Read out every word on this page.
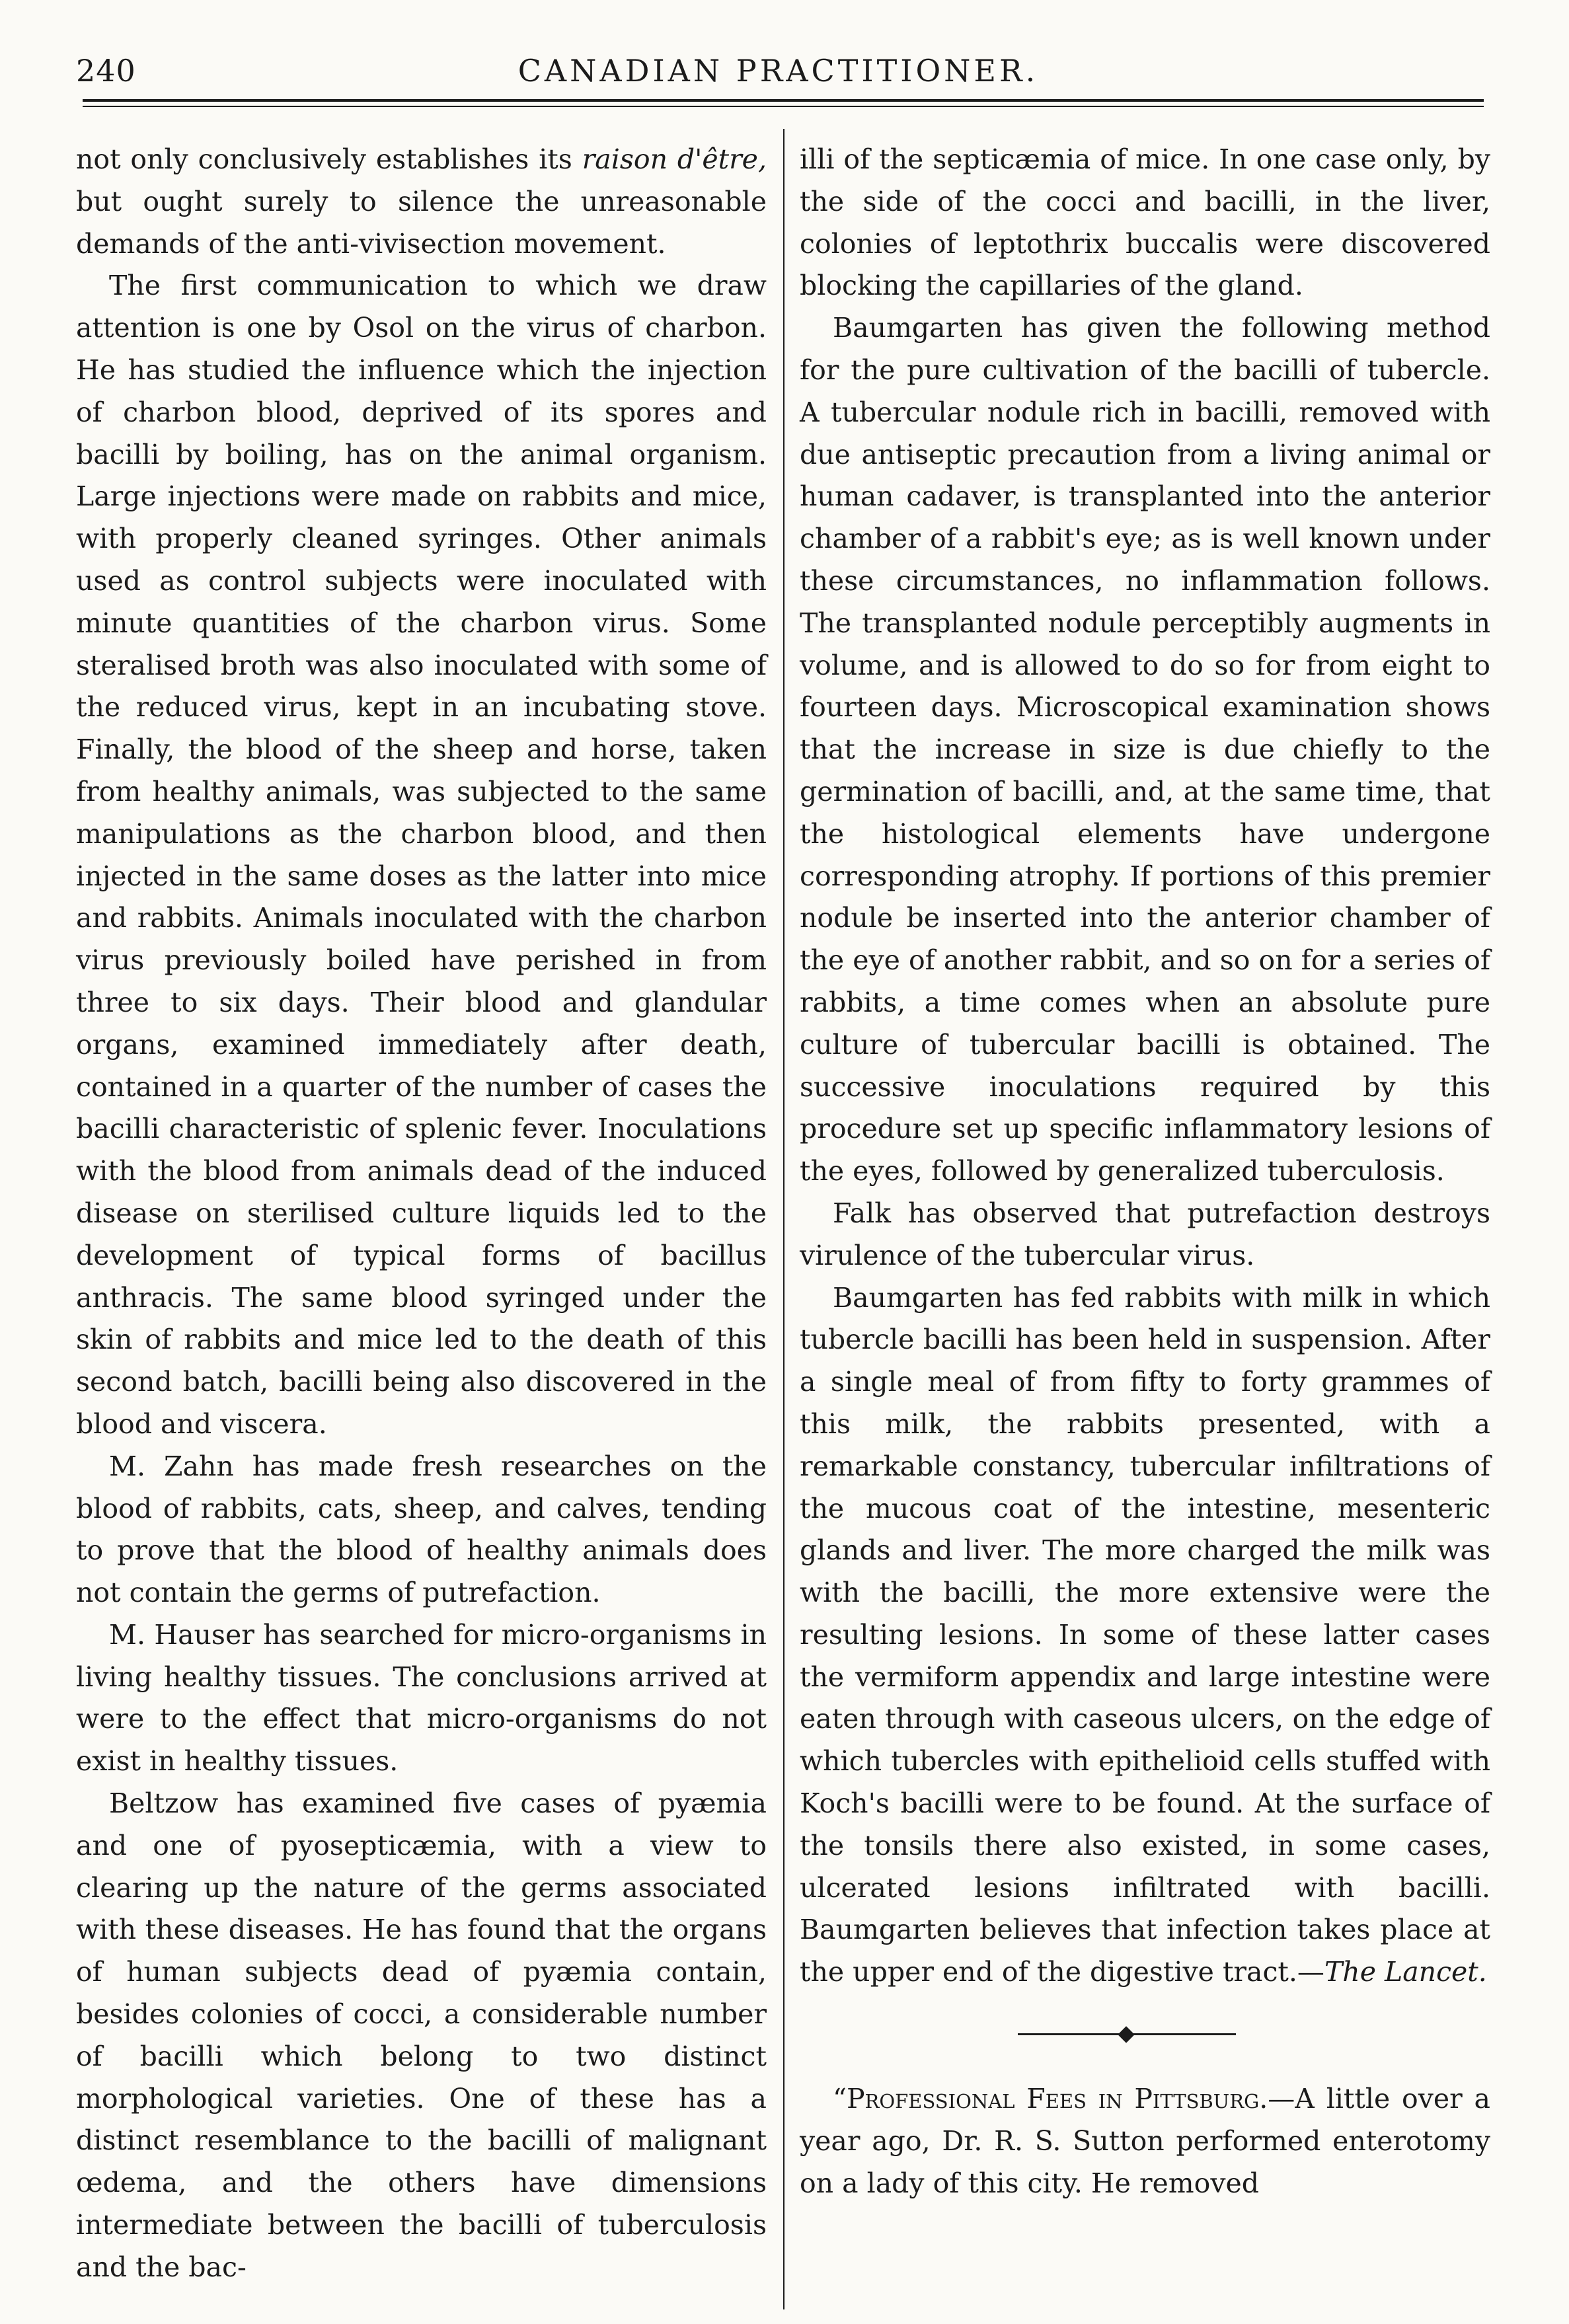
240	CANADIAN PRACTITIONER.

not only conclusively establishes its raison d'être, but ought surely to silence the unreasonable demands of the anti-vivisection movement.

The first communication to which we draw attention is one by Osol on the virus of charbon. He has studied the influence which the injection of charbon blood, deprived of its spores and bacilli by boiling, has on the animal organism. Large injections were made on rabbits and mice, with properly cleaned syringes. Other animals used as control subjects were inoculated with minute quantities of the charbon virus. Some steralised broth was also inoculated with some of the reduced virus, kept in an incubating stove. Finally, the blood of the sheep and horse, taken from healthy animals, was subjected to the same manipulations as the charbon blood, and then injected in the same doses as the latter into mice and rabbits. Animals inoculated with the charbon virus previously boiled have perished in from three to six days. Their blood and glandular organs, examined immediately after death, contained in a quarter of the number of cases the bacilli characteristic of splenic fever. Inoculations with the blood from animals dead of the induced disease on sterilised culture liquids led to the development of typical forms of bacillus anthracis. The same blood syringed under the skin of rabbits and mice led to the death of this second batch, bacilli being also discovered in the blood and viscera.

M. Zahn has made fresh researches on the blood of rabbits, cats, sheep, and calves, tending to prove that the blood of healthy animals does not contain the germs of putrefaction.

M. Hauser has searched for micro-organisms in living healthy tissues. The conclusions arrived at were to the effect that micro-organisms do not exist in healthy tissues.

Beltzow has examined five cases of pyæmia and one of pyosepticæmia, with a view to clearing up the nature of the germs associated with these diseases. He has found that the organs of human subjects dead of pyæmia contain, besides colonies of cocci, a considerable number of bacilli which belong to two distinct morphological varieties. One of these has a distinct resemblance to the bacilli of malignant œdema, and the others have dimensions intermediate between the bacilli of tuberculosis and the bac-

illi of the septicæmia of mice. In one case only, by the side of the cocci and bacilli, in the liver, colonies of leptothrix buccalis were discovered blocking the capillaries of the gland.

Baumgarten has given the following method for the pure cultivation of the bacilli of tubercle. A tubercular nodule rich in bacilli, removed with due antiseptic precaution from a living animal or human cadaver, is transplanted into the anterior chamber of a rabbit's eye; as is well known under these circumstances, no inflammation follows. The transplanted nodule perceptibly augments in volume, and is allowed to do so for from eight to fourteen days. Microscopical examination shows that the increase in size is due chiefly to the germination of bacilli, and, at the same time, that the histological elements have undergone corresponding atrophy. If portions of this premier nodule be inserted into the anterior chamber of the eye of another rabbit, and so on for a series of rabbits, a time comes when an absolute pure culture of tubercular bacilli is obtained. The successive inoculations required by this procedure set up specific inflammatory lesions of the eyes, followed by generalized tuberculosis.

Falk has observed that putrefaction destroys virulence of the tubercular virus.

Baumgarten has fed rabbits with milk in which tubercle bacilli has been held in suspension. After a single meal of from fifty to forty grammes of this milk, the rabbits presented, with a remarkable constancy, tubercular infiltrations of the mucous coat of the intestine, mesenteric glands and liver. The more charged the milk was with the bacilli, the more extensive were the resulting lesions. In some of these latter cases the vermiform appendix and large intestine were eaten through with caseous ulcers, on the edge of which tubercles with epithelioid cells stuffed with Koch's bacilli were to be found. At the surface of the tonsils there also existed, in some cases, ulcerated lesions infiltrated with bacilli. Baumgarten believes that infection takes place at the upper end of the digestive tract.—The Lancet.

“Professional Fees in Pittsburg.—A little over a year ago, Dr. R. S. Sutton performed enterotomy on a lady of this city. He removed
